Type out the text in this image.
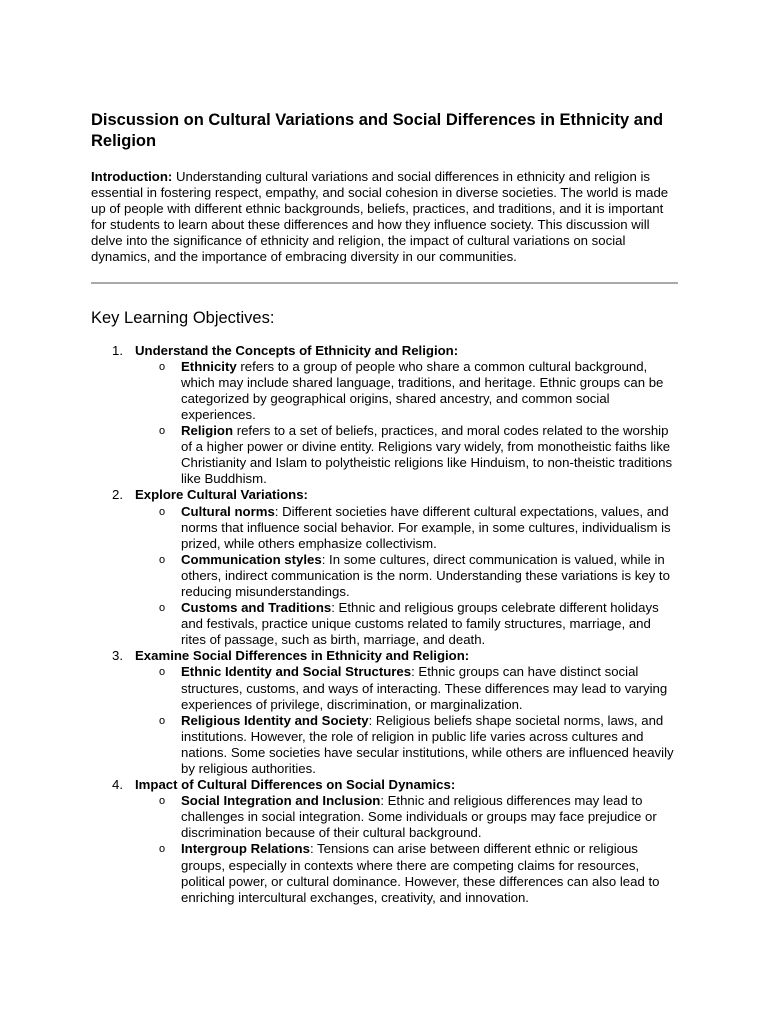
Discussion on Cultural Variations and Social Differences in Ethnicity and Religion

Introduction: Understanding cultural variations and social differences in ethnicity and religion is essential in fostering respect, empathy, and social cohesion in diverse societies. The world is made up of people with different ethnic backgrounds, beliefs, practices, and traditions, and it is important for students to learn about these differences and how they influence society. This discussion will delve into the significance of ethnicity and religion, the impact of cultural variations on social dynamics, and the importance of embracing diversity in our communities.

Key Learning Objectives:
1. Understand the Concepts of Ethnicity and Religion:
o Ethnicity refers to a group of people who share a common cultural background, which may include shared language, traditions, and heritage. Ethnic groups can be categorized by geographical origins, shared ancestry, and common social experiences.
o Religion refers to a set of beliefs, practices, and moral codes related to the worship of a higher power or divine entity. Religions vary widely, from monotheistic faiths like Christianity and Islam to polytheistic religions like Hinduism, to non-theistic traditions like Buddhism.
2. Explore Cultural Variations:
o Cultural norms: Different societies have different cultural expectations, values, and norms that influence social behavior. For example, in some cultures, individualism is prized, while others emphasize collectivism.
o Communication styles: In some cultures, direct communication is valued, while in others, indirect communication is the norm. Understanding these variations is key to reducing misunderstandings.
o Customs and Traditions: Ethnic and religious groups celebrate different holidays and festivals, practice unique customs related to family structures, marriage, and rites of passage, such as birth, marriage, and death.
3. Examine Social Differences in Ethnicity and Religion:
o Ethnic Identity and Social Structures: Ethnic groups can have distinct social structures, customs, and ways of interacting. These differences may lead to varying experiences of privilege, discrimination, or marginalization.
o Religious Identity and Society: Religious beliefs shape societal norms, laws, and institutions. However, the role of religion in public life varies across cultures and nations. Some societies have secular institutions, while others are influenced heavily by religious authorities.
4. Impact of Cultural Differences on Social Dynamics:
o Social Integration and Inclusion: Ethnic and religious differences may lead to challenges in social integration. Some individuals or groups may face prejudice or discrimination because of their cultural background.
o Intergroup Relations: Tensions can arise between different ethnic or religious groups, especially in contexts where there are competing claims for resources, political power, or cultural dominance. However, these differences can also lead to enriching intercultural exchanges, creativity, and innovation.
